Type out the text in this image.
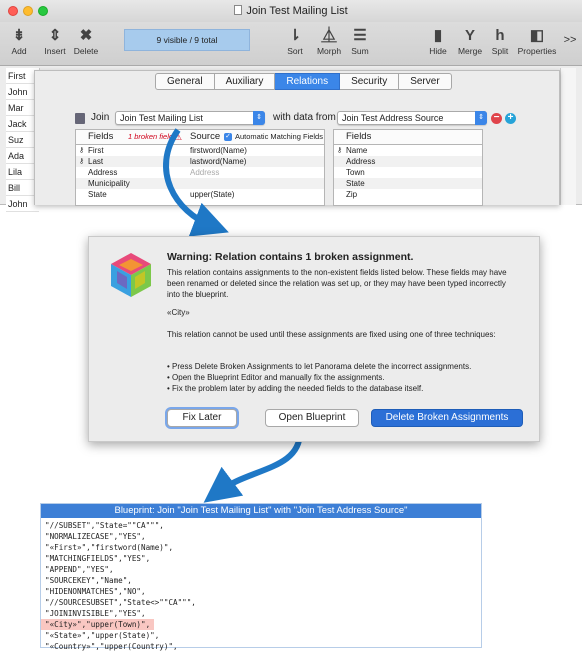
Join Test Mailing List
⇟
Add
⇕
Insert
✖
Delete
9 visible / 9 total	⇂
Sort
⏅
Morph
☰
Sum
▮
Hide
Y
Merge
h
Split
◧
Properties
>>
First
John
Mar
Jack
Suz
Ada
Lila
Bill
John
General	Auxiliary	Relations	Security	Server
Join	Join Test Mailing List	⇕	with data from Join Test Address Source	⇕ − +
Fields 1 broken field ⚠ Source ✓ Automatic Matching Fields
⚷ First	firstword(Name)
⚷ Last	lastword(Name)
Address	Address
Municipality
State	upper(State)
Fields
⚷ Name
Address
Town
State
Zip
Warning: Relation contains 1 broken assignment.
This relation contains assignments to the non-existent fields listed below. These fields may have been renamed or deleted since the relation was set up, or they may have been typed incorrectly into the blueprint.
«City»
This relation cannot be used until these assignments are fixed using one of three techniques:
• Press Delete Broken Assignments to let Panorama delete the incorrect assignments.
• Open the Blueprint Editor and manually fix the assignments.
• Fix the problem later by adding the needed fields to the database itself.
Fix Later	Open Blueprint	Delete Broken Assignments
Blueprint: Join "Join Test Mailing List" with "Join Test Address Source"
"//SUBSET","State=""CA""",
"NORMALIZECASE","YES",
"«First»","firstword(Name)",
"MATCHINGFIELDS","YES",
"APPEND","YES",
"SOURCEKEY","Name",
"HIDENONMATCHES","NO",
"//SOURCESUBSET","State<>""CA""",
"JOININVISIBLE","YES",
"«City»","upper(Town)",
"«State»","upper(State)",
"«Country»","upper(Country)",
